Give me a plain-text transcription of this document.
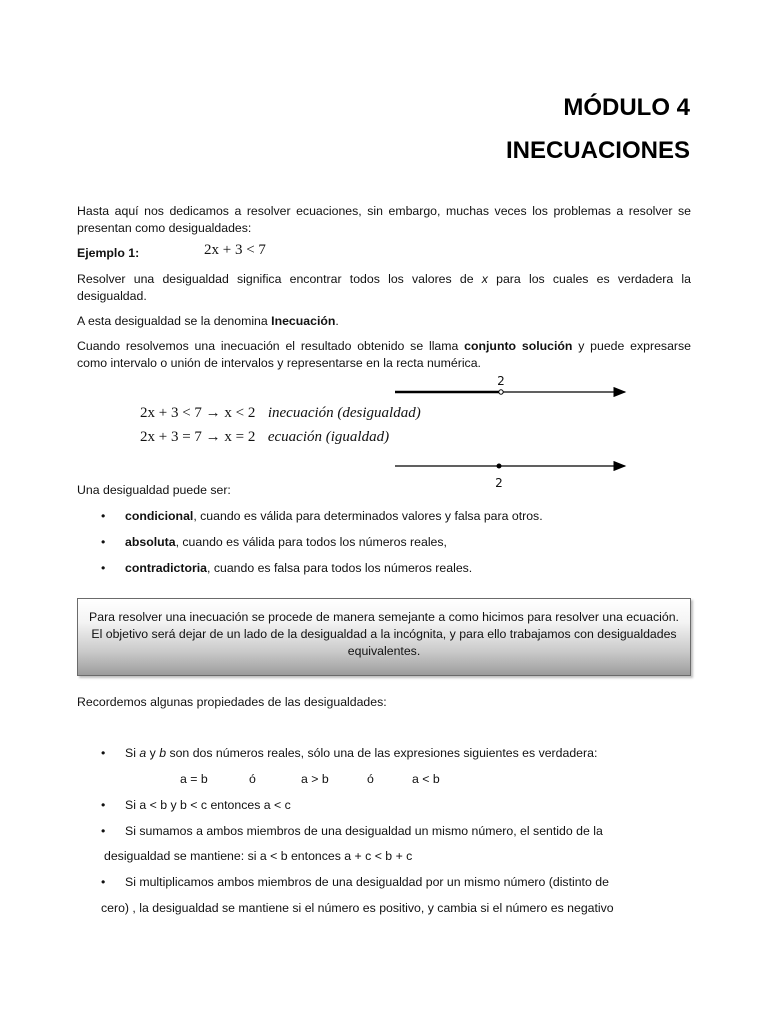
MÓDULO 4
INECUACIONES
Hasta aquí nos dedicamos a resolver ecuaciones, sin embargo, muchas veces los problemas a resolver se presentan como desigualdades:
Ejemplo 1:	2x + 3 < 7
Resolver una desigualdad significa encontrar todos los valores de x para los cuales es verdadera la desigualdad.
A esta desigualdad se la denomina Inecuación.
Cuando resolvemos una inecuación el resultado obtenido se llama conjunto solución y puede expresarse como intervalo o unión de intervalos y representarse en la recta numérica.
2x + 3 < 7 → x < 2 inecuación (desigualdad)
2x + 3 = 7 → x = 2 ecuación (igualdad)
2
2
Una desigualdad puede ser:
• condicional, cuando es válida para determinados valores y falsa para otros.
• absoluta, cuando es válida para todos los números reales,
• contradictoria, cuando es falsa para todos los números reales.
Para resolver una inecuación se procede de manera semejante a como hicimos para resolver una ecuación. El objetivo será dejar de un lado de la desigualdad a la incógnita, y para ello trabajamos con desigualdades equivalentes.
Recordemos algunas propiedades de las desigualdades:
• Si a y b son dos números reales, sólo una de las expresiones siguientes es verdadera:
a = b	ó	a > b	ó	a < b
• Si a < b y b < c entonces a < c
• Si sumamos a ambos miembros de una desigualdad un mismo número, el sentido de la
desigualdad se mantiene: si a < b entonces a + c < b + c
• Si multiplicamos ambos miembros de una desigualdad por un mismo número (distinto de
cero) , la desigualdad se mantiene si el número es positivo, y cambia si el número es negativo
